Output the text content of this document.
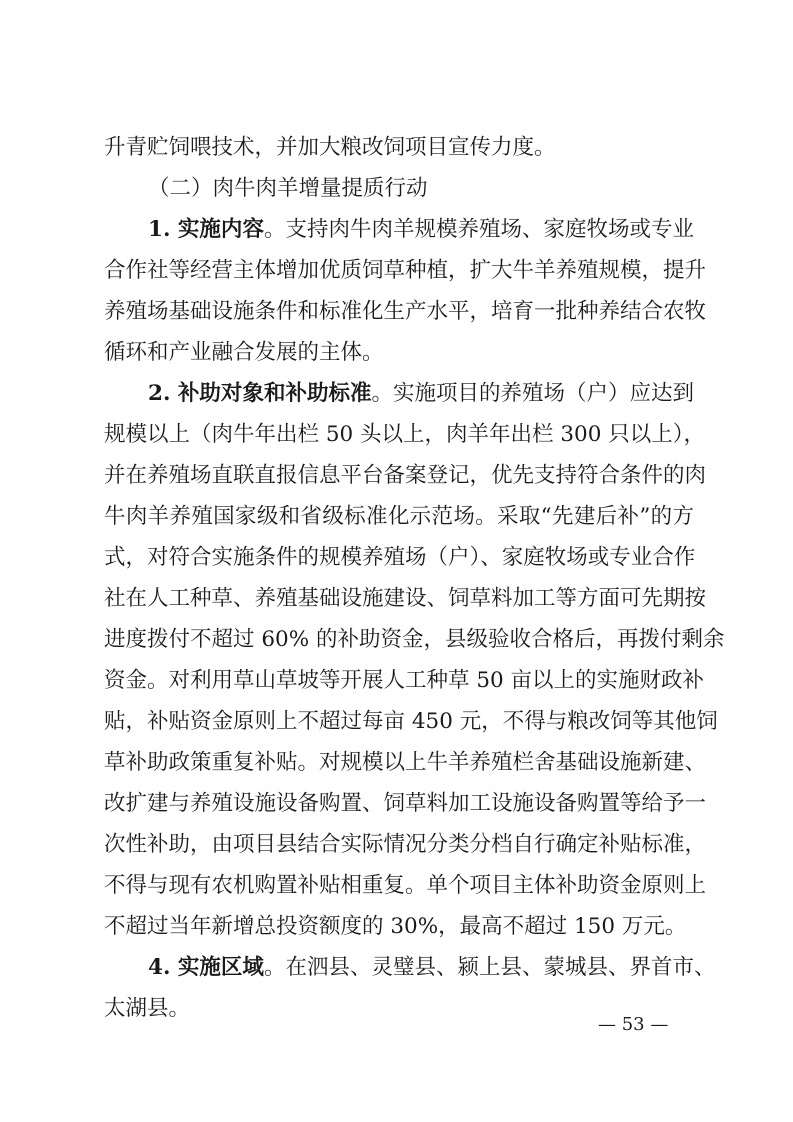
升青贮饲喂技术，并加大粮改饲项目宣传力度。
（二）肉牛肉羊增量提质行动
1. 实施内容。支持肉牛肉羊规模养殖场、家庭牧场或专业
合作社等经营主体增加优质饲草种植，扩大牛羊养殖规模，提升
养殖场基础设施条件和标准化生产水平，培育一批种养结合农牧
循环和产业融合发展的主体。
2. 补助对象和补助标准。实施项目的养殖场（户）应达到
规模以上（肉牛年出栏 50 头以上，肉羊年出栏 300 只以上），
并在养殖场直联直报信息平台备案登记，优先支持符合条件的肉
牛肉羊养殖国家级和省级标准化示范场。采取“先建后补”的方
式，对符合实施条件的规模养殖场（户）、家庭牧场或专业合作
社在人工种草、养殖基础设施建设、饲草料加工等方面可先期按
进度拨付不超过 60% 的补助资金，县级验收合格后，再拨付剩余
资金。对利用草山草坡等开展人工种草 50 亩以上的实施财政补
贴，补贴资金原则上不超过每亩 450 元，不得与粮改饲等其他饲
草补助政策重复补贴。对规模以上牛羊养殖栏舍基础设施新建、
改扩建与养殖设施设备购置、饲草料加工设施设备购置等给予一
次性补助，由项目县结合实际情况分类分档自行确定补贴标准，
不得与现有农机购置补贴相重复。单个项目主体补助资金原则上
不超过当年新增总投资额度的 30%，最高不超过 150 万元。
4. 实施区域。在泗县、灵璧县、颍上县、蒙城县、界首市、
太湖县。
— 53 —
